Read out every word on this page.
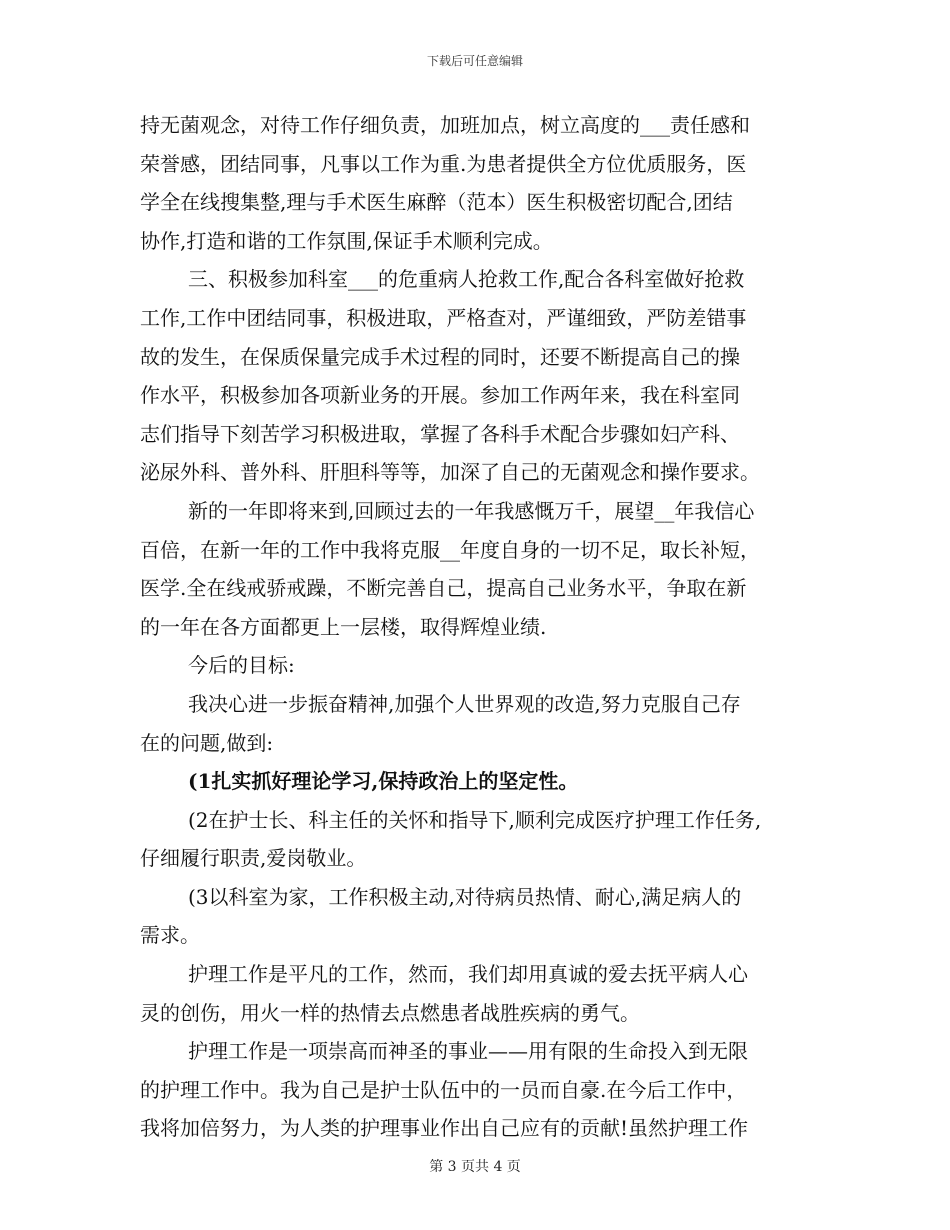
下载后可任意编辑
持无菌观念，对待工作仔细负责，加班加点，树立高度的___责任感和
荣誉感，团结同事，凡事以工作为重.为患者提供全方位优质服务，医
学全在线搜集整,理与手术医生麻醉（范本）医生积极密切配合,团结
协作,打造和谐的工作氛围,保证手术顺利完成。
三、积极参加科室___的危重病人抢救工作,配合各科室做好抢救
工作,工作中团结同事，积极进取，严格查对，严谨细致，严防差错事
故的发生，在保质保量完成手术过程的同时，还要不断提高自己的操
作水平，积极参加各项新业务的开展。参加工作两年来，我在科室同
志们指导下刻苦学习积极进取，掌握了各科手术配合步骤如妇产科、
泌尿外科、普外科、肝胆科等等，加深了自己的无菌观念和操作要求。
新的一年即将来到,回顾过去的一年我感慨万千，展望__年我信心
百倍，在新一年的工作中我将克服__年度自身的一切不足，取长补短，
医学.全在线戒骄戒躁，不断完善自己，提高自己业务水平，争取在新
的一年在各方面都更上一层楼，取得辉煌业绩.
今后的目标:
我决心进一步振奋精神,加强个人世界观的改造,努力克服自己存
在的问题,做到:
(1扎实抓好理论学习,保持政治上的坚定性。
(2在护士长、科主任的关怀和指导下,顺利完成医疗护理工作任务,
仔细履行职责,爱岗敬业。
(3以科室为家，工作积极主动,对待病员热情、耐心,满足病人的
需求。
护理工作是平凡的工作，然而，我们却用真诚的爱去抚平病人心
灵的创伤，用火一样的热情去点燃患者战胜疾病的勇气。
护理工作是一项崇高而神圣的事业——用有限的生命投入到无限
的护理工作中。我为自己是护士队伍中的一员而自豪.在今后工作中，
我将加倍努力，为人类的护理事业作出自己应有的贡献!虽然护理工作
第 3 页共 4 页
